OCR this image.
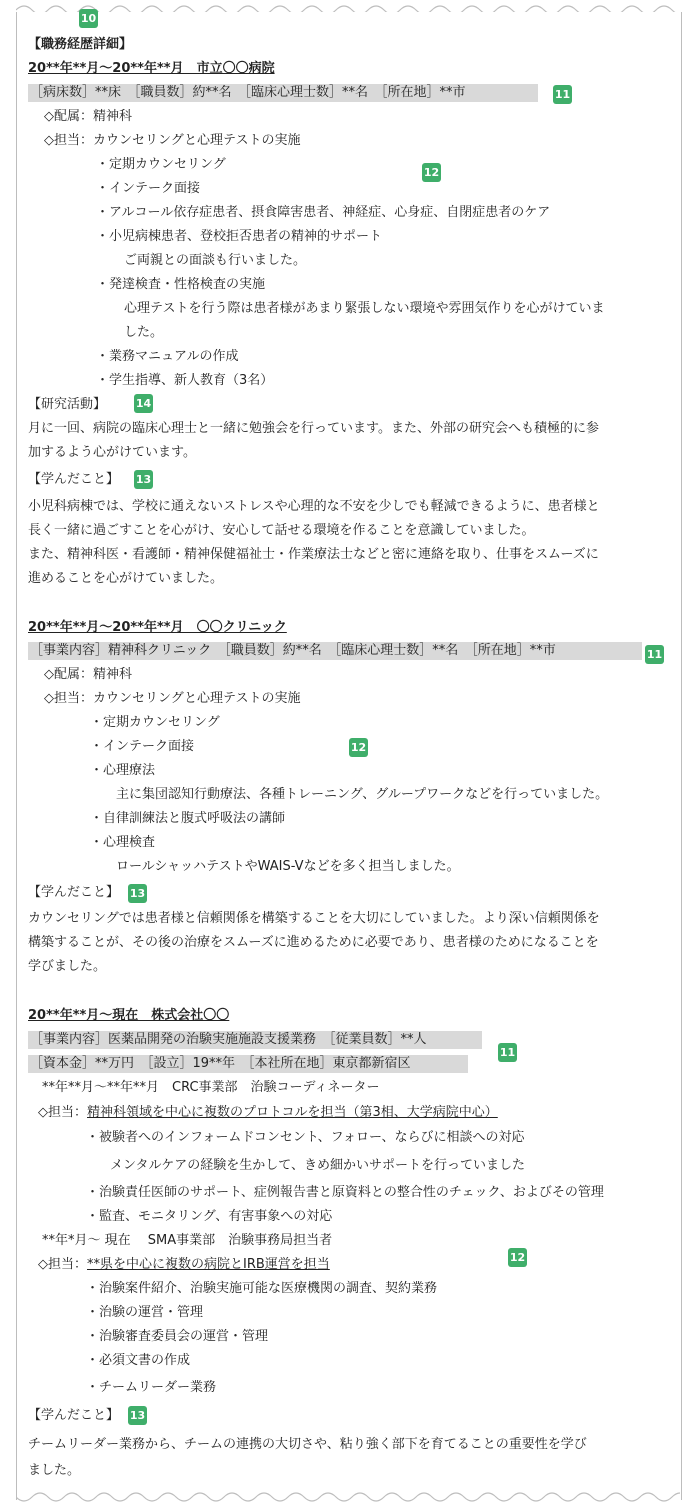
10
11
12
14
13
11
12
13
11
12
13
【職務経歴詳細】
20**年**月～20**年**月　市立〇〇病院
［病床数］**床　［職員数］約**名　［臨床心理士数］**名　［所在地］**市
◇配属：精神科
◇担当：カウンセリングと心理テストの実施
・定期カウンセリング
・インテーク面接
・アルコール依存症患者、摂食障害患者、神経症、心身症、自閉症患者のケア
・小児病棟患者、登校拒否患者の精神的サポート
ご両親との面談も行いました。
・発達検査・性格検査の実施
心理テストを行う際は患者様があまり緊張しない環境や雰囲気作りを心がけていま
した。
・業務マニュアルの作成
・学生指導、新人教育（3名）
【研究活動】
月に一回、病院の臨床心理士と一緒に勉強会を行っています。また、外部の研究会へも積極的に参
加するよう心がけています。
【学んだこと】
小児科病棟では、学校に通えないストレスや心理的な不安を少しでも軽減できるように、患者様と
長く一緒に過ごすことを心がけ、安心して話せる環境を作ることを意識していました。
また、精神科医・看護師・精神保健福祉士・作業療法士などと密に連絡を取り、仕事をスムーズに
進めることを心がけていました。
20**年**月～20**年**月　〇〇クリニック
［事業内容］精神科クリニック　［職員数］約**名　［臨床心理士数］**名　［所在地］**市
◇配属：精神科
◇担当：カウンセリングと心理テストの実施
・定期カウンセリング
・インテーク面接
・心理療法
主に集団認知行動療法、各種トレーニング、グループワークなどを行っていました。
・自律訓練法と腹式呼吸法の講師
・心理検査
ロールシャッハテストやWAIS-Vなどを多く担当しました。
【学んだこと】
カウンセリングでは患者様と信頼関係を構築することを大切にしていました。より深い信頼関係を
構築することが、その後の治療をスムーズに進めるために必要であり、患者様のためになることを
学びました。
20**年**月～現在　株式会社〇〇
［事業内容］医薬品開発の治験実施施設支援業務　［従業員数］**人
［資本金］**万円　［設立］19**年　［本社所在地］東京都新宿区
**年**月～**年**月　CRC事業部　治験コーディネーター
◇担当：精神科領域を中心に複数のプロトコルを担当（第3相、大学病院中心）
・被験者へのインフォームドコンセント、フォロー、ならびに相談への対応
メンタルケアの経験を生かして、きめ細かいサポートを行っていました
・治験責任医師のサポート、症例報告書と原資料との整合性のチェック、およびその管理
・監査、モニタリング、有害事象への対応
**年*月～ 現在　 SMA事業部　治験事務局担当者
◇担当：**県を中心に複数の病院とIRB運営を担当
・治験案件紹介、治験実施可能な医療機関の調査、契約業務
・治験の運営・管理
・治験審査委員会の運営・管理
・必須文書の作成
・チームリーダー業務
【学んだこと】
チームリーダー業務から、チームの連携の大切さや、粘り強く部下を育てることの重要性を学び
ました。
